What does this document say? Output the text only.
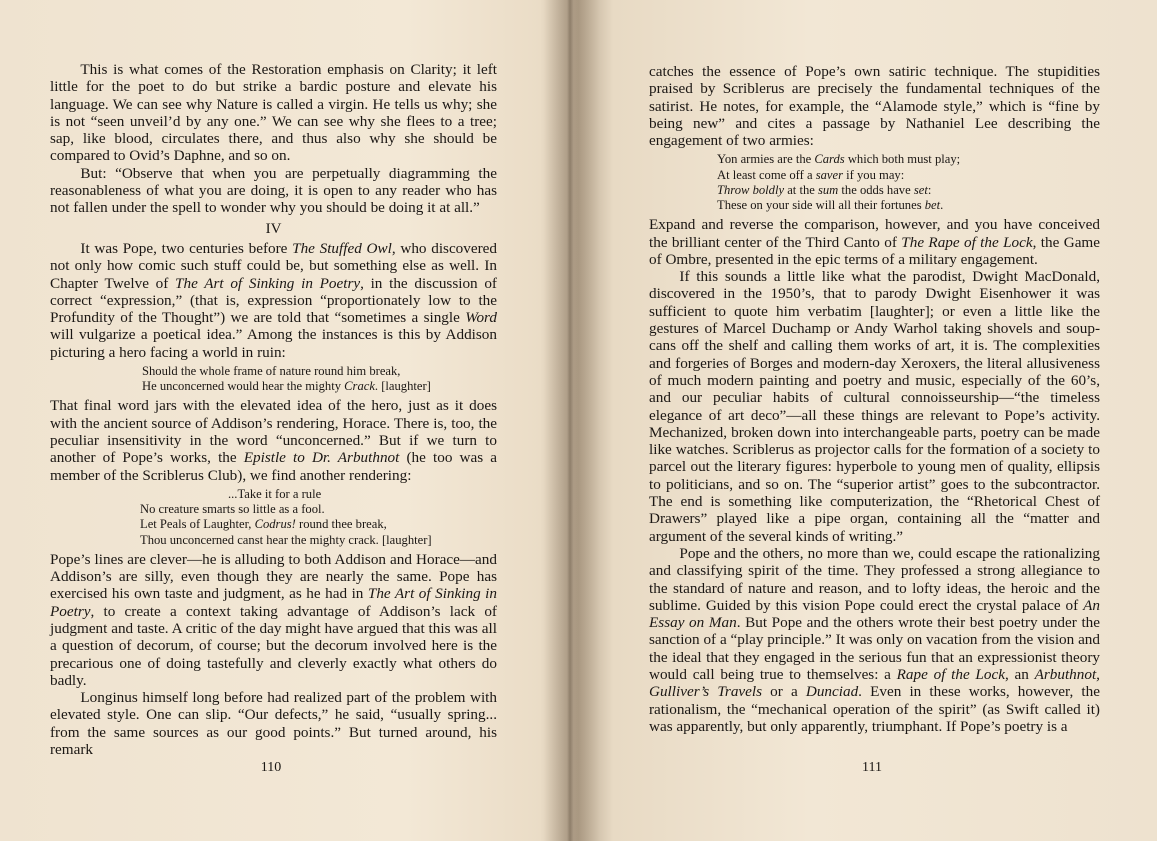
This is what comes of the Restoration emphasis on Clarity; it left little for the poet to do but strike a bardic posture and elevate his language. We can see why Nature is called a virgin. He tells us why; she is not “seen unveil’d by any one.” We can see why she flees to a tree; sap, like blood, circulates there, and thus also why she should be compared to Ovid’s Daphne, and so on.

But: “Observe that when you are perpetually diagramming the reasonableness of what you are doing, it is open to any reader who has not fallen under the spell to wonder why you should be doing it at all.”

IV

It was Pope, two centuries before The Stuffed Owl, who discovered not only how comic such stuff could be, but something else as well. In Chapter Twelve of The Art of Sinking in Poetry, in the discussion of correct “expression,” (that is, expression “proportionately low to the Profundity of the Thought”) we are told that “sometimes a single Word will vulgarize a poetical idea.” Among the instances is this by Addison picturing a hero facing a world in ruin:

Should the whole frame of nature round him break,
He unconcerned would hear the mighty Crack. [laughter]

That final word jars with the elevated idea of the hero, just as it does with the ancient source of Addison’s rendering, Horace. There is, too, the peculiar insensitivity in the word “unconcerned.” But if we turn to another of Pope’s works, the Epistle to Dr. Arbuthnot (he too was a member of the Scriblerus Club), we find another rendering:

...Take it for a rule
No creature smarts so little as a fool.
Let Peals of Laughter, Codrus! round thee break,
Thou unconcerned canst hear the mighty crack. [laughter]

Pope’s lines are clever—he is alluding to both Addison and Horace—and Addison’s are silly, even though they are nearly the same. Pope has exercised his own taste and judgment, as he had in The Art of Sinking in Poetry, to create a context taking advantage of Addison’s lack of judgment and taste. A critic of the day might have argued that this was all a question of decorum, of course; but the decorum involved here is the precarious one of doing tastefully and cleverly exactly what others do badly.

Longinus himself long before had realized part of the problem with elevated style. One can slip. “Our defects,” he said, “usually spring... from the same sources as our good points.” But turned around, his remark

110

catches the essence of Pope’s own satiric technique. The stupidities praised by Scriblerus are precisely the fundamental techniques of the satirist. He notes, for example, the “Alamode style,” which is “fine by being new” and cites a passage by Nathaniel Lee describing the engagement of two armies:

Yon armies are the Cards which both must play;
At least come off a saver if you may:
Throw boldly at the sum the odds have set:
These on your side will all their fortunes bet.

Expand and reverse the comparison, however, and you have conceived the brilliant center of the Third Canto of The Rape of the Lock, the Game of Ombre, presented in the epic terms of a military engagement.

If this sounds a little like what the parodist, Dwight MacDonald, discovered in the 1950’s, that to parody Dwight Eisenhower it was sufficient to quote him verbatim [laughter]; or even a little like the gestures of Marcel Duchamp or Andy Warhol taking shovels and soup-cans off the shelf and calling them works of art, it is. The complexities and forgeries of Borges and modern-day Xeroxers, the literal allusiveness of much modern painting and poetry and music, especially of the 60’s, and our peculiar habits of cultural connoisseurship—“the timeless elegance of art deco”—all these things are relevant to Pope’s activity. Mechanized, broken down into interchangeable parts, poetry can be made like watches. Scriblerus as projector calls for the formation of a society to parcel out the literary figures: hyperbole to young men of quality, ellipsis to politicians, and so on. The “superior artist” goes to the subcontractor. The end is something like computerization, the “Rhetorical Chest of Drawers” played like a pipe organ, containing all the “matter and argument of the several kinds of writing.”

Pope and the others, no more than we, could escape the rationalizing and classifying spirit of the time. They professed a strong allegiance to the standard of nature and reason, and to lofty ideas, the heroic and the sublime. Guided by this vision Pope could erect the crystal palace of An Essay on Man. But Pope and the others wrote their best poetry under the sanction of a “play principle.” It was only on vacation from the vision and the ideal that they engaged in the serious fun that an expressionist theory would call being true to themselves: a Rape of the Lock, an Arbuthnot, Gulliver’s Travels or a Dunciad. Even in these works, however, the rationalism, the “mechanical operation of the spirit” (as Swift called it) was apparently, but only apparently, triumphant. If Pope’s poetry is a

111
